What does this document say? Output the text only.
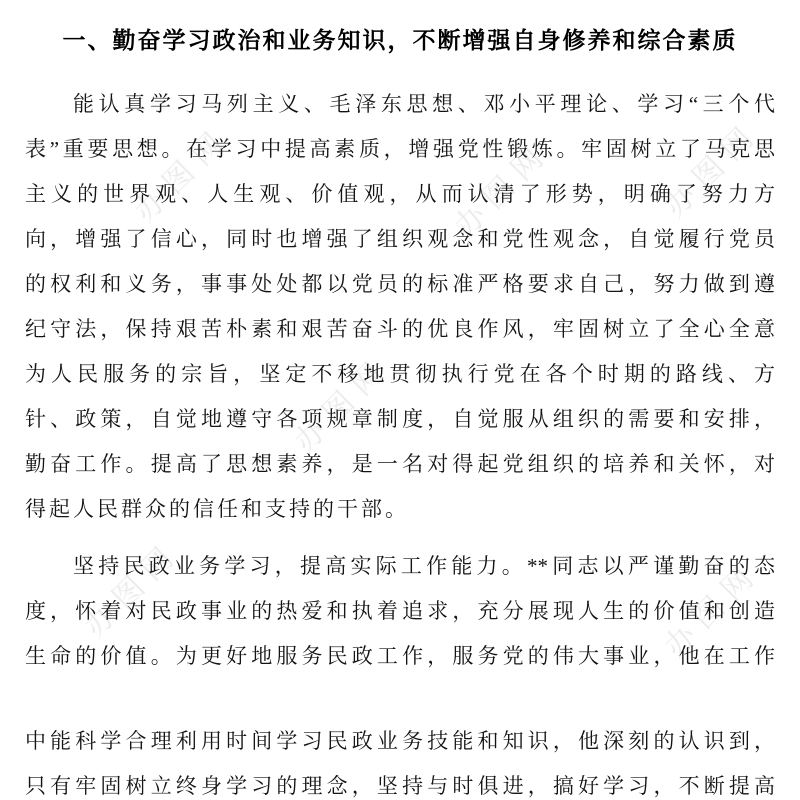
办图网	办图网	办图网
办图网
办图网	办图网
一、勤奋学习政治和业务知识，不断增强自身修养和综合素质
能认真学习马列主义、毛泽东思想、邓小平理论、学习“三个代
表”重要思想。在学习中提高素质，增强党性锻炼。牢固树立了马克思
主义的世界观、人生观、价值观，从而认清了形势，明确了努力方
向，增强了信心，同时也增强了组织观念和党性观念，自觉履行党员
的权利和义务，事事处处都以党员的标准严格要求自己，努力做到遵
纪守法，保持艰苦朴素和艰苦奋斗的优良作风，牢固树立了全心全意
为人民服务的宗旨，坚定不移地贯彻执行党在各个时期的路线、方
针、政策，自觉地遵守各项规章制度，自觉服从组织的需要和安排，
勤奋工作。提高了思想素养，是一名对得起党组织的培养和关怀，对
得起人民群众的信任和支持的干部。
坚持民政业务学习，提高实际工作能力。**同志以严谨勤奋的态
度，怀着对民政事业的热爱和执着追求，充分展现人生的价值和创造
生命的价值。为更好地服务民政工作，服务党的伟大事业，他在工作
中能科学合理利用时间学习民政业务技能和知识，他深刻的认识到，
只有牢固树立终身学习的理念，坚持与时俱进，搞好学习，不断提高
